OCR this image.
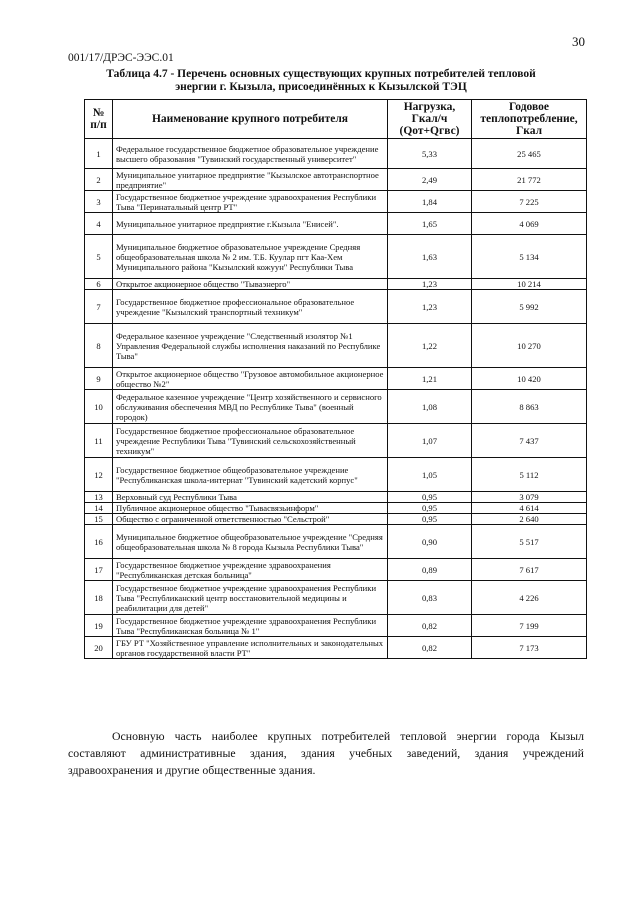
30
001/17/ДРЭС-ЭЭС.01
Таблица 4.7 - Перечень основных существующих крупных потребителей тепловой
энергии г. Кызыла, присоединённых к Кызылской ТЭЦ
№ п/п	Наименование крупного потребителя	Нагрузка, Гкал/ч (Qот+Qгвс)	Годовое теплопотребление, Гкал
1	Федеральное государственное бюджетное образовательное учреждение высшего образования "Тувинский государственный университет"	5,33	25 465
2	Муниципальное унитарное предприятие "Кызылское автотранспортное предприятие"	2,49	21 772
3	Государственное бюджетное учреждение здравоохранения Республики Тыва "Перинатальный центр РТ"	1,84	7 225
4	Муниципальное унитарное предприятие г.Кызыла "Енисей".	1,65	4 069
5	Муниципальное бюджетное образовательное учреждение Средняя общеобразовательная школа № 2 им. Т.Б. Куулар пгт Каа-Хем Муниципального района "Кызылский кожуун" Республики Тыва	1,63	5 134
6	Открытое акционерное общество "Тываэнерго"	1,23	10 214
7	Государственное бюджетное профессиональное образовательное учреждение "Кызылский транспортный техникум"	1,23	5 992
8	Федеральное казенное учреждение "Следственный изолятор №1 Управления Федеральной службы исполнения наказаний по Республике Тыва"	1,22	10 270
9	Открытое акционерное общество "Грузовое автомобильное акционерное общество №2"	1,21	10 420
10	Федеральное казенное учреждение "Центр хозяйственного и сервисного обслуживания обеспечения МВД по Республике Тыва" (военный городок)	1,08	8 863
11	Государственное бюджетное профессиональное образовательное учреждение Республики Тыва "Тувинский сельскохозяйственный техникум"	1,07	7 437
12	Государственное бюджетное общеобразовательное учреждение "Республиканская школа-интернат "Тувинский кадетский корпус"	1,05	5 112
13	Верховный суд Республики Тыва	0,95	3 079
14	Публичное акционерное общество "Тывасвязьинформ"	0,95	4 614
15	Общество с ограниченной ответственностью "Сельстрой"	0,95	2 640
16	Муниципальное бюджетное общеобразовательное учреждение "Средняя общеобразовательная школа № 8 города Кызыла Республики Тыва"	0,90	5 517
17	Государственное бюджетное учреждение здравоохранения "Республиканская детская больница"	0,89	7 617
18	Государственное бюджетное учреждение здравоохранения Республики Тыва "Республиканский центр восстановительной медицины и реабилитации для детей"	0,83	4 226
19	Государственное бюджетное учреждение здравоохранения Республики Тыва "Республиканская больница № 1"	0,82	7 199
20	ГБУ РТ "Хозяйственное управление исполнительных и законодательных органов государственной власти РТ"	0,82	7 173
Основную часть наиболее крупных потребителей тепловой энергии города Кызыл составляют административные здания, здания учебных заведений, здания учреждений здравоохранения и другие общественные здания.
